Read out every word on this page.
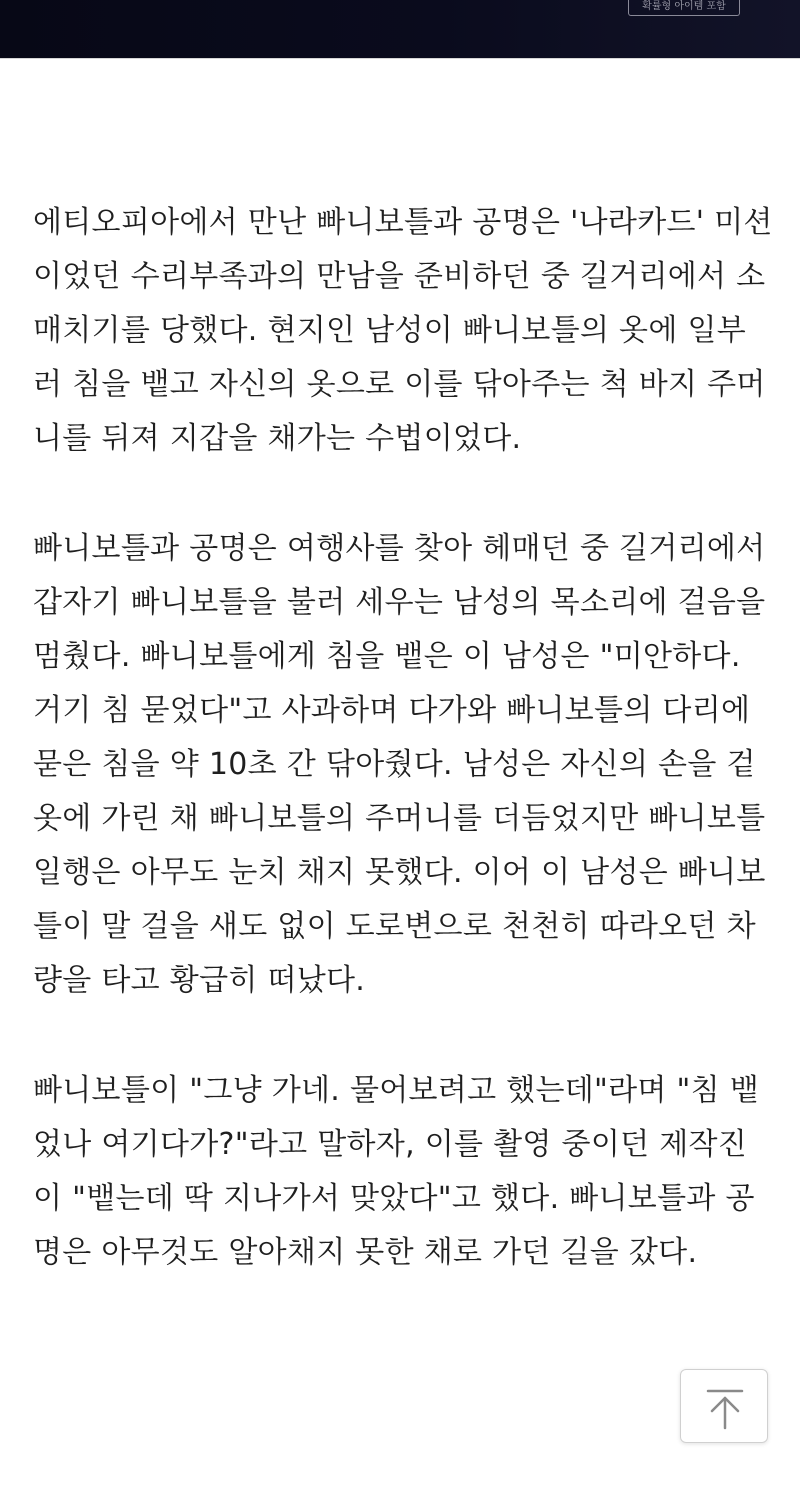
확률형 아이템 포함

에티오피아에서 만난 빠니보틀과 공명은 '나라카드' 미션이었던 수리부족과의 만남을 준비하던 중 길거리에서 소매치기를 당했다. 현지인 남성이 빠니보틀의 옷에 일부러 침을 뱉고 자신의 옷으로 이를 닦아주는 척 바지 주머니를 뒤져 지갑을 채가는 수법이었다.

빠니보틀과 공명은 여행사를 찾아 헤매던 중 길거리에서 갑자기 빠니보틀을 불러 세우는 남성의 목소리에 걸음을 멈췄다. 빠니보틀에게 침을 뱉은 이 남성은 "미안하다. 거기 침 묻었다"고 사과하며 다가와 빠니보틀의 다리에 묻은 침을 약 10초 간 닦아줬다. 남성은 자신의 손을 겉옷에 가린 채 빠니보틀의 주머니를 더듬었지만 빠니보틀 일행은 아무도 눈치 채지 못했다. 이어 이 남성은 빠니보틀이 말 걸을 새도 없이 도로변으로 천천히 따라오던 차량을 타고 황급히 떠났다.

빠니보틀이 "그냥 가네. 물어보려고 했는데"라며 "침 뱉었나 여기다가?"라고 말하자, 이를 촬영 중이던 제작진이 "뱉는데 딱 지나가서 맞았다"고 했다. 빠니보틀과 공명은 아무것도 알아채지 못한 채로 가던 길을 갔다.
